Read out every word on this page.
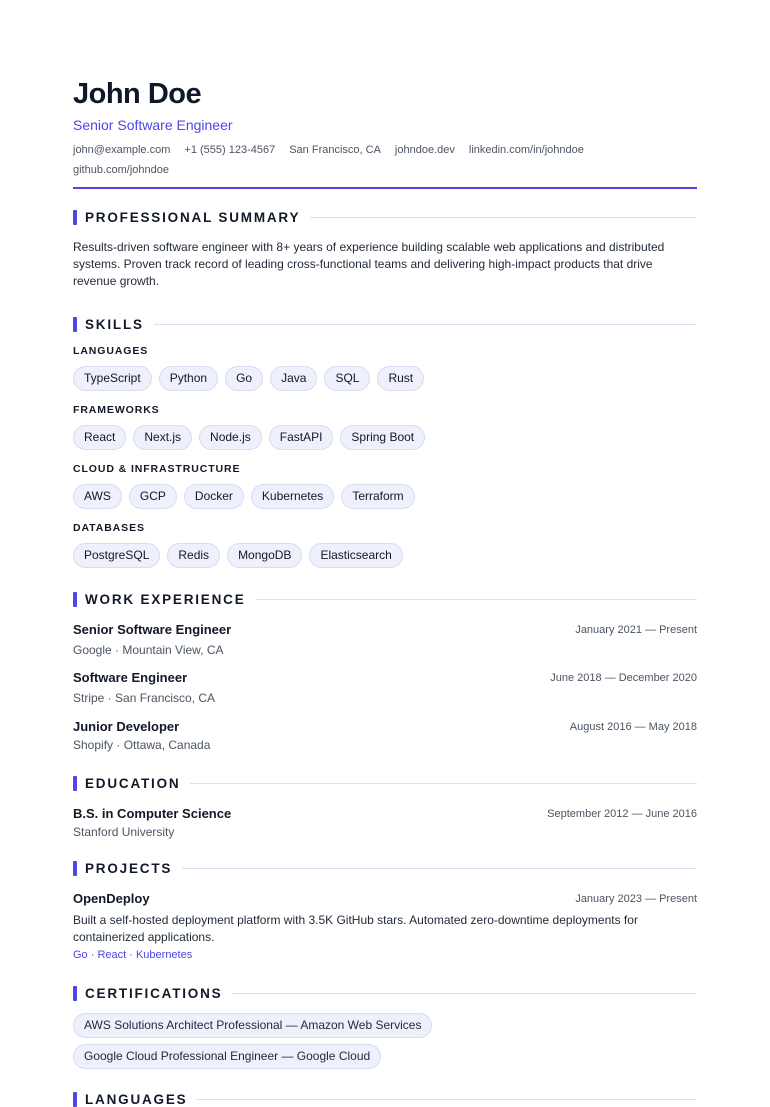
John Doe
Senior Software Engineer
john@example.com +1 (555) 123-4567 San Francisco, CA johndoe.dev linkedin.com/in/johndoe
github.com/johndoe
PROFESSIONAL SUMMARY

Results-driven software engineer with 8+ years of experience building scalable web applications and distributed systems. Proven track record of leading cross-functional teams and delivering high-impact products that drive revenue growth.

SKILLS
LANGUAGES
TypeScript	Python	Go	Java	SQL	Rust
FRAMEWORKS
React	Next.js	Node.js	FastAPI	Spring Boot
CLOUD & INFRASTRUCTURE
AWS	GCP	Docker	Kubernetes	Terraform
DATABASES
PostgreSQL	Redis	MongoDB	Elasticsearch
WORK EXPERIENCE
Senior Software Engineer
Google · Mountain View, CA
January 2021 — Present
Software Engineer
Stripe · San Francisco, CA
June 2018 — December 2020
Junior Developer
Shopify · Ottawa, Canada
August 2016 — May 2018
EDUCATION
B.S. in Computer Science
Stanford University
September 2012 — June 2016
PROJECTS
OpenDeploy	January 2023 — Present
Built a self-hosted deployment platform with 3.5K GitHub stars. Automated zero-downtime deployments for containerized applications.
Go · React · Kubernetes
CERTIFICATIONS
AWS Solutions Architect Professional — Amazon Web Services
Google Cloud Professional Engineer — Google Cloud
LANGUAGES
